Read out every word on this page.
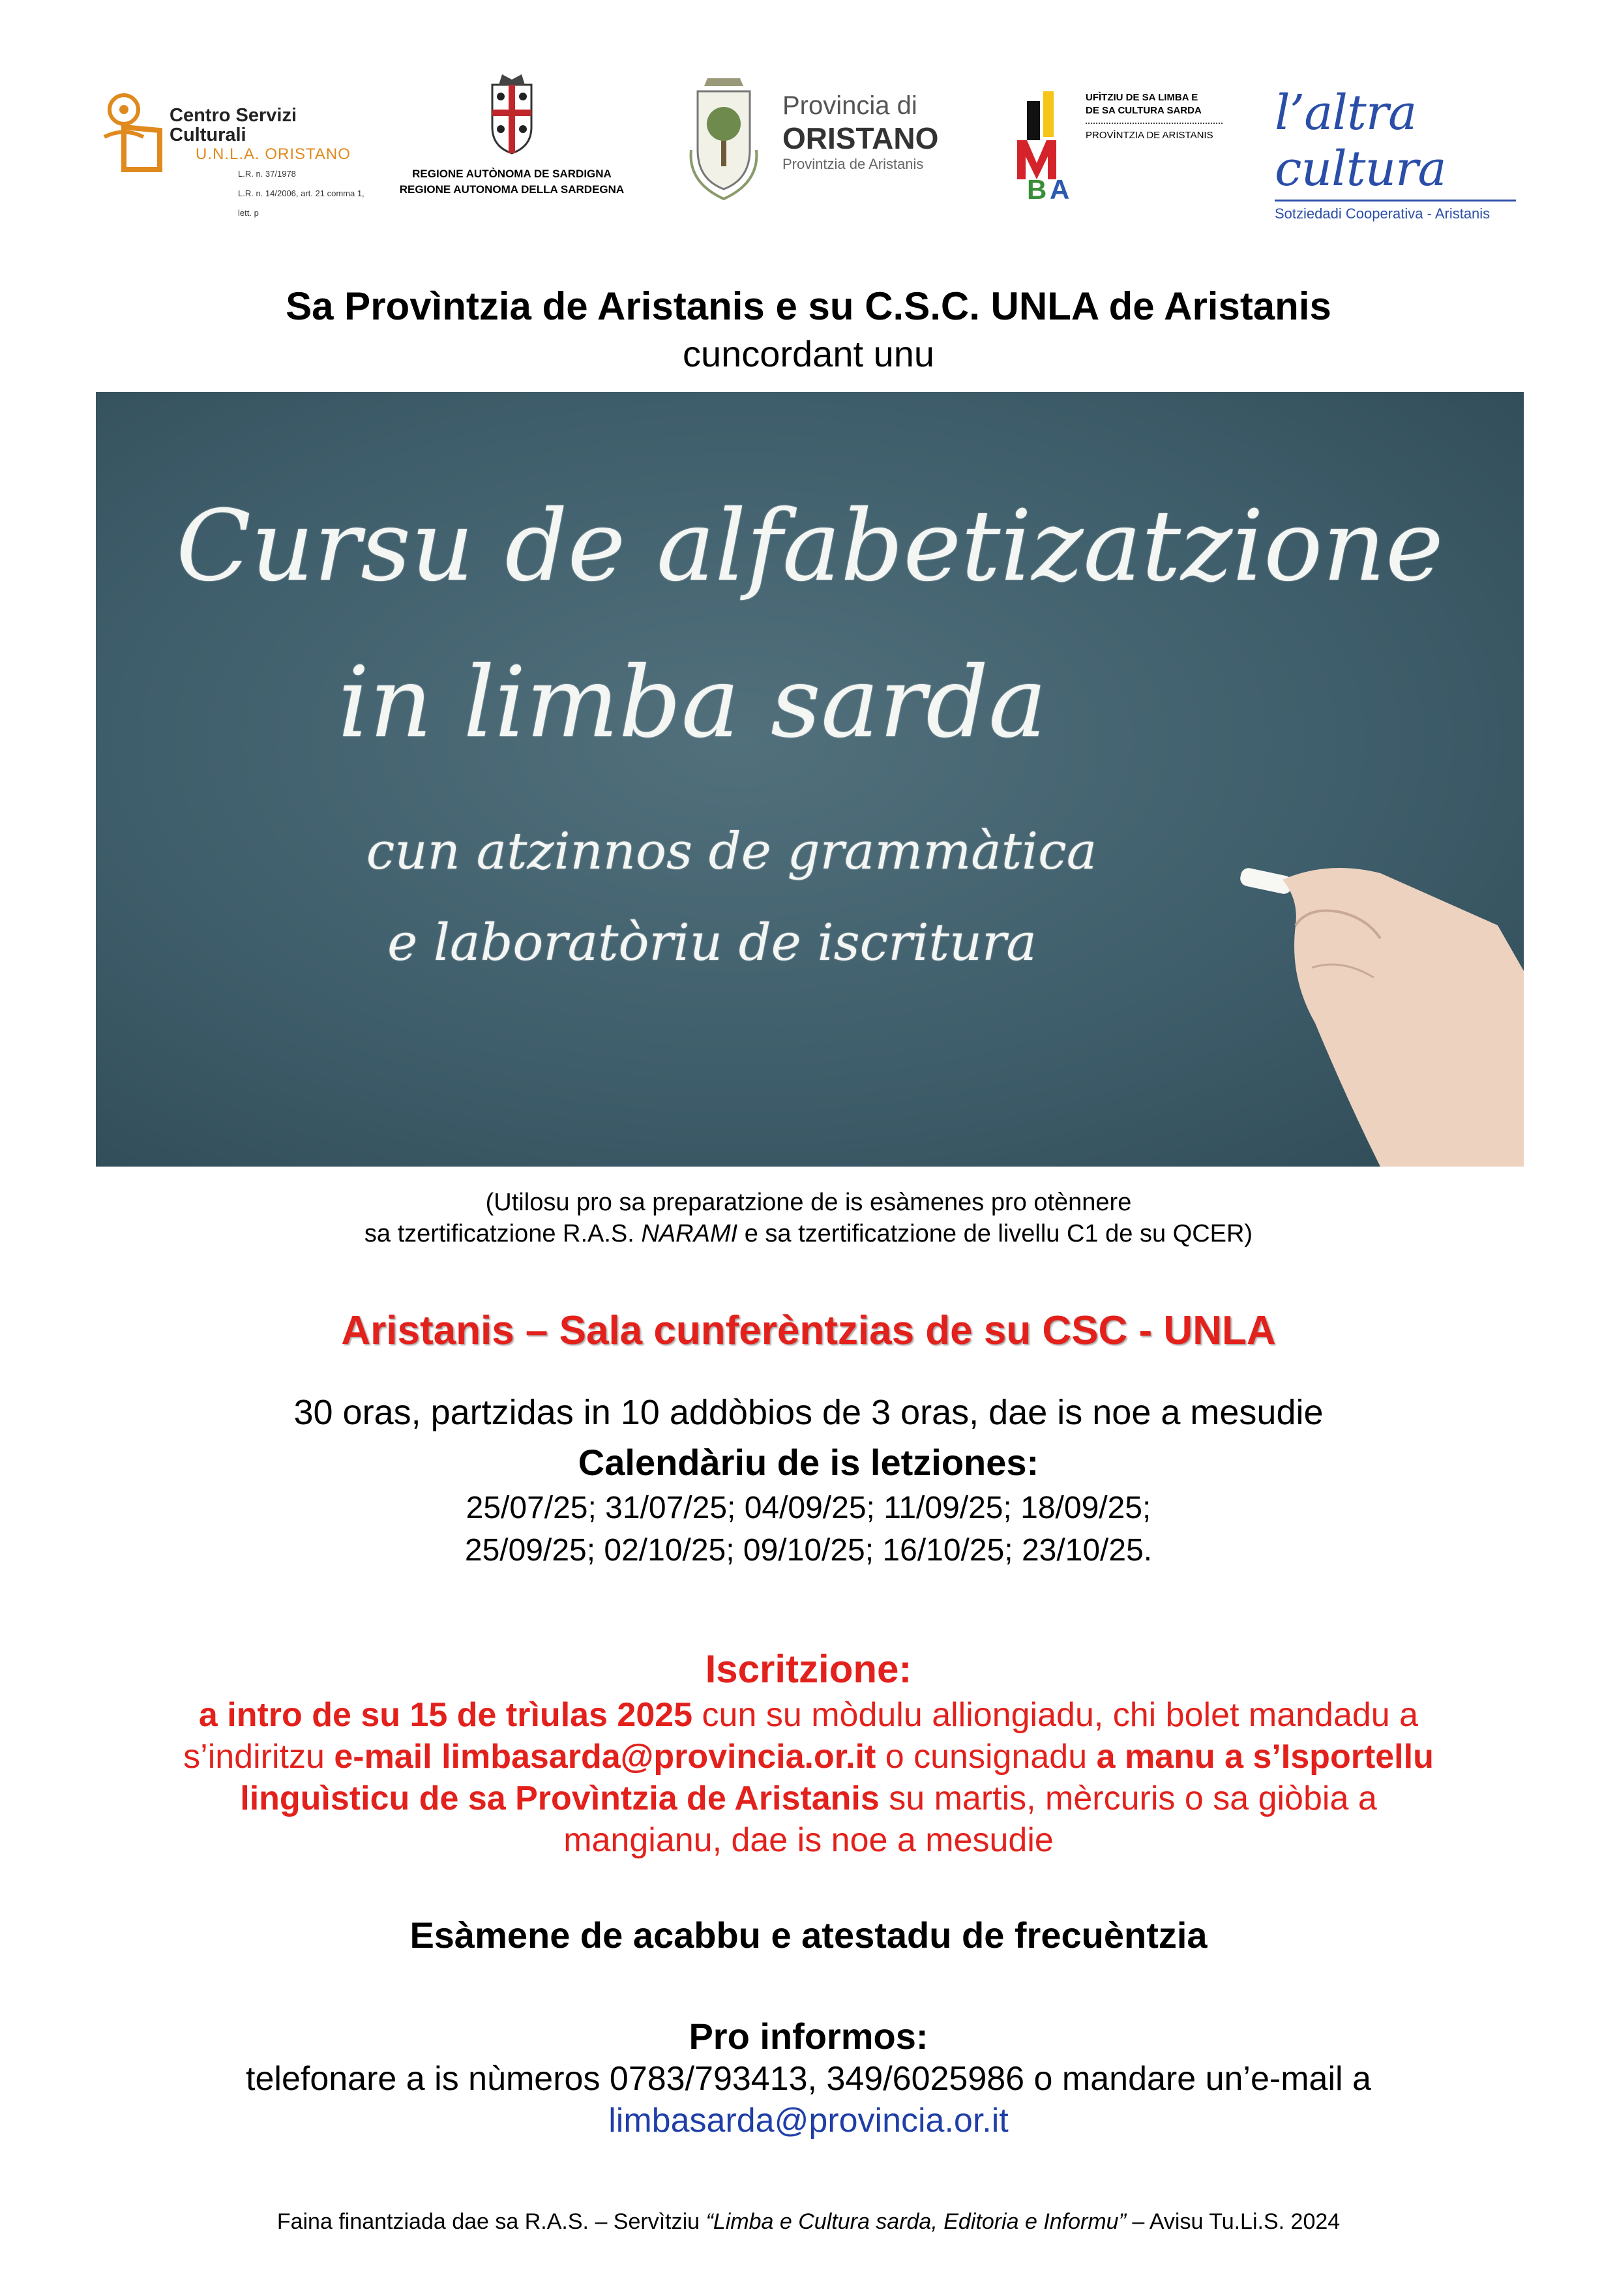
Centro Servizi Culturali
U.N.L.A. ORISTANO
L.R. n. 37/1978
L.R. n. 14/2006, art. 21 comma 1, lett. p
REGIONE AUTÒNOMA DE SARDIGNA
REGIONE AUTONOMA DELLA SARDEGNA
Provincia di
ORISTANO
Provintzia de Aristanis
B A
UFÌTZIU DE SA LIMBA E
DE SA CULTURA SARDA
PROVÌNTZIA DE ARISTANIS l’altra cultura
Sotziedadi Cooperativa - Aristanis
Sa Provìntzia de Aristanis e su C.S.C. UNLA de Aristanis
cuncordant unu
Cursu de alfabetizatzione
in limba sarda
cun atzinnos de grammàtica
e laboratòriu de iscritura
(Utilosu pro sa preparatzione de is esàmenes pro otènnere
sa tzertificatzione R.A.S. NARAMI e sa tzertificatzione de livellu C1 de su QCER)
Aristanis – Sala cunferèntzias de su CSC - UNLA
30 oras, partzidas in 10 addòbios de 3 oras, dae is noe a mesudie
Calendàriu de is letziones:
25/07/25; 31/07/25; 04/09/25; 11/09/25; 18/09/25;
25/09/25; 02/10/25; 09/10/25; 16/10/25; 23/10/25.
Iscritzione:
a intro de su 15 de trìulas 2025 cun su mòdulu alliongiadu, chi bolet mandadu a
s’indiritzu e-mail limbasarda@provincia.or.it o cunsignadu a manu a s’Isportellu
linguìsticu de sa Provìntzia de Aristanis su martis, mèrcuris o sa giòbia a
mangianu, dae is noe a mesudie
Esàmene de acabbu e atestadu de frecuèntzia
Pro informos:
telefonare a is nùmeros 0783/793413, 349/6025986 o mandare un’e-mail a
limbasarda@provincia.or.it
Faina finantziada dae sa R.A.S. – Servìtziu “Limba e Cultura sarda, Editoria e Informu” – Avisu Tu.Li.S. 2024
